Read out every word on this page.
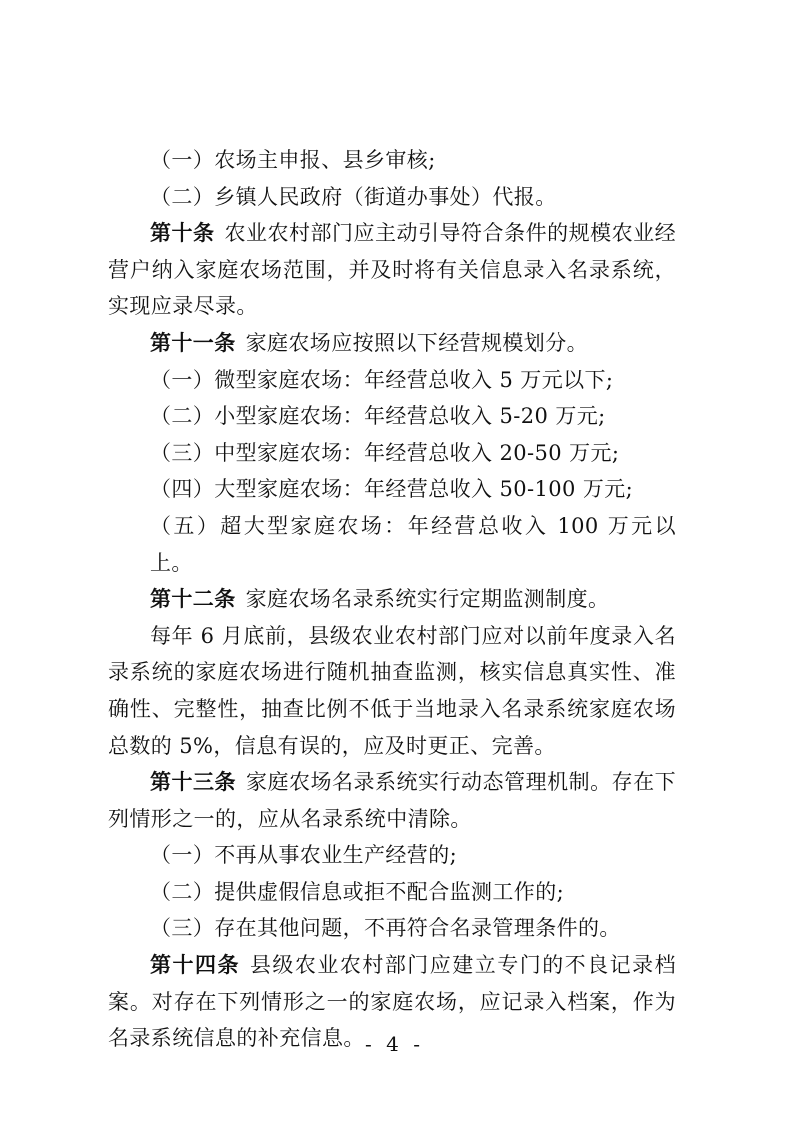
（一）农场主申报、县乡审核;

（二）乡镇人民政府（街道办事处）代报。

第十条 农业农村部门应主动引导符合条件的规模农业经营户纳入家庭农场范围，并及时将有关信息录入名录系统，实现应录尽录。

第十一条 家庭农场应按照以下经营规模划分。

（一）微型家庭农场：年经营总收入 5 万元以下;

（二）小型家庭农场：年经营总收入 5-20 万元;

（三）中型家庭农场：年经营总收入 20-50 万元;

（四）大型家庭农场：年经营总收入 50-100 万元;

（五）超大型家庭农场：年经营总收入 100 万元以上。

第十二条 家庭农场名录系统实行定期监测制度。

每年 6 月底前，县级农业农村部门应对以前年度录入名录系统的家庭农场进行随机抽查监测，核实信息真实性、准确性、完整性，抽查比例不低于当地录入名录系统家庭农场总数的 5%，信息有误的，应及时更正、完善。

第十三条 家庭农场名录系统实行动态管理机制。存在下列情形之一的，应从名录系统中清除。

（一）不再从事农业生产经营的;

（二）提供虚假信息或拒不配合监测工作的;

（三）存在其他问题，不再符合名录管理条件的。

第十四条 县级农业农村部门应建立专门的不良记录档案。对存在下列情形之一的家庭农场，应记录入档案，作为名录系统信息的补充信息。 - 4 -
